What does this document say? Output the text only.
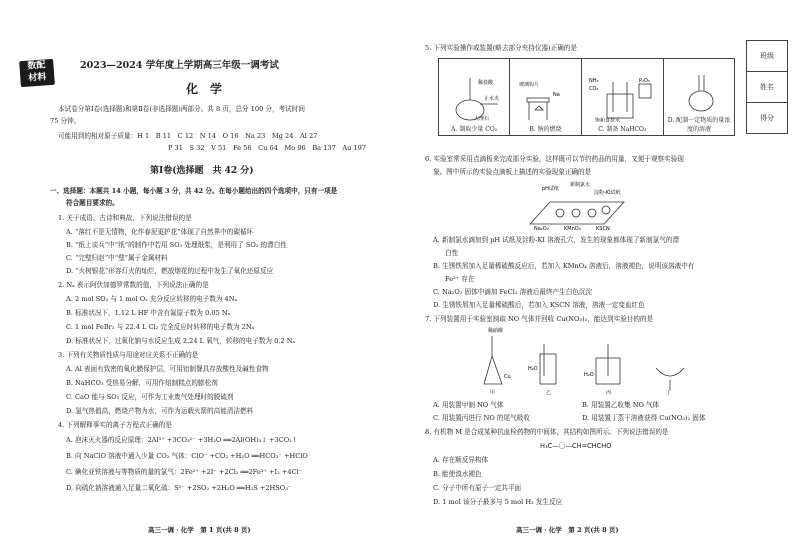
数配
材料
2023—2024 学年度上学期高三年级一调考试
化　学
本试卷分第Ⅰ卷(选择题)和第Ⅱ卷(非选择题)两部分。共 8 页，总分 100 分，考试时间
75 分钟。
可能用到的相对原子质量：H 1　B 11　C 12　N 14　O 16　Na 23　Mg 24　Al 27
P 31　S 32　V 51　Fe 56　Cu 64　Mo 96　Ba 137　Au 197
第Ⅰ卷(选择题　共 42 分)
一、选择题：本题共 14 小题，每小题 3 分，共 42 分。在每小题给出的四个选项中，只有一项是
符合题目要求的。
1. 关于成语、古诗和典故，下列说法错误的是
A. “落红不是无情物，化作春泥更护花”体现了自然界中的碳循环
B. “纸上谈兵”中“纸”的制作中若用 SO₂ 处理纸浆，是利用了 SO₂ 的漂白性
C. “完璧归赵”中“璧”属于金属材料
D. “火树银花”形容灯火的灿烂，燃放烟花的过程中发生了氧化还原反应
2. Nₐ 表示阿伏加德罗常数的值，下列说法正确的是
A. 2 mol SO₂ 与 1 mol O₂ 充分反应转移的电子数为 4Nₐ
B. 标准状况下，1.12 L HF 中含有氟原子数为 0.05 Nₐ
C. 1 mol FeBr₂ 与 22.4 L Cl₂ 完全反应时转移的电子数为 2Nₐ
D. 标准状况下，过氧化钠与水反应生成 2.24 L 氧气，转移的电子数为 0.2 Nₐ
3. 下列有关物质性质与用途对应关系不正确的是
A. Al 表面有致密的氧化膜保护层，可用铝制餐具存放酸性及碱性食物
B. NaHCO₃ 受热易分解，可用作焙制糕点的膨松剂
C. CaO 能与 SO₂ 反应，可作为工业废气处理时的脱硫剂
D. 氢气热值高，燃烧产物为水，可作为运载火箭的高能清洁燃料
4. 下列解释事实的离子方程式正确的是
A. 泡沫灭火器的反应原理：2Al³⁺ +3CO₃²⁻ +3H₂O ══2Al(OH)₃↓ +3CO₂↑
B. 向 NaClO 溶液中通入少量 CO₂ 气体：ClO⁻ +CO₂ +H₂O ══HCO₃⁻ +HClO
C. 碘化亚铁溶液与等物质的量的氯气：2Fe²⁺ +2I⁻ +2Cl₂ ══2Fe³⁺ +I₂ +4Cl⁻
D. 向硫化钠溶液通入足量二氧化硫：S²⁻ +2SO₂ +2H₂O ══H₂S +2HSO₃⁻
高三一调 · 化学　第 1 页(共 8 页)
5. 下列实验操作或装置(略去部分夹持仪器)正确的是
稀盐酸
止水夹
大理石

A. 制取少量 CO₂	
玻璃钩片
Na

B. 钠的燃烧	
NH₃
CO₂
饱和食盐水
P₂O₅

C. 制备 NaHCO₃	
D. 配制一定物质的量浓度的溶液
6. 实验室常采用点滴板来完成部分实验，这样既可以节约药品的用量，又便于观察实验现
象。图中所示的实验点滴板上描述的实验现象正确的是
pH试纸
新制氯水
淀粉-KI试纸
Na₂O₂	KMnO₄	KSCN
A. 新制氯水滴加到 pH 试纸及淀粉-KI 溶液孔穴，发生的现象都体现了新制氯气的漂
白性
B. 生锈铁屑加入足量稀硫酸反应后，若加入 KMnO₄ 溶液后，溶液褪色，说明该溶液中有
Fe²⁺ 存在
C. Na₂O₂ 固体中滴加 FeCl₂ 溶液后最终产生白色沉淀
D. 生锈铁屑加入足量稀硫酸后，若加入 KSCN 溶液，溶液一定变血红色
7. 下列装置用于实验室制取 NO 气体并回收 Cu(NO₃)₂，能达到实验目的的是
稀硝酸
Cu
H₂O
H₂O
甲	乙	丙	丁
A. 用装置甲制 NO 气体	B. 用装置乙收集 NO 气体
C. 用装置丙进行 NO 的尾气吸收	D. 用装置丁蒸干溶液获得 Cu(NO₃)₂ 固体
8. 有机物 M 是合成某种抗血栓药物的中间体，其结构如图所示。下列说法错误的是
H₃C—〇—CH=CHCHO
A. 存在顺反异构体
B. 能使溴水褪色
C. 分子中所有原子一定共平面
D. 1 mol 该分子最多与 5 mol H₂ 发生反应
高三一调 · 化学　第 2 页(共 8 页)
班级
姓名
得分
